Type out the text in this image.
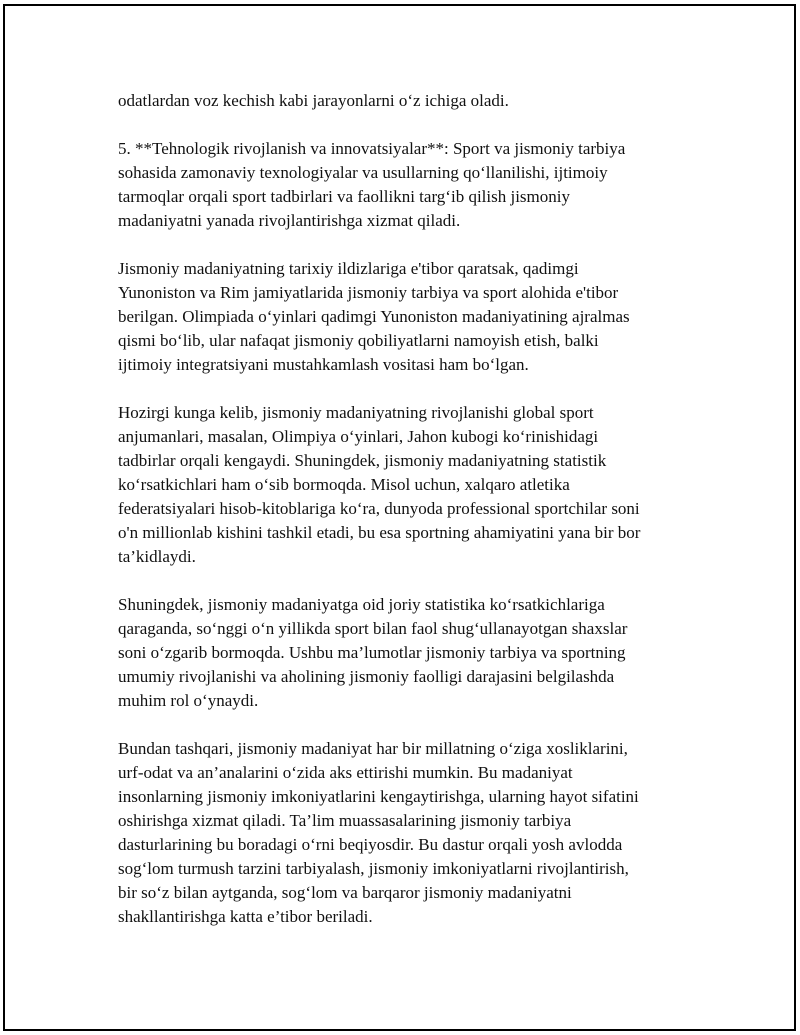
odatlardan voz kechish kabi jarayonlarni o‘z ichiga oladi.

5. **Tehnologik rivojlanish va innovatsiyalar**: Sport va jismoniy tarbiya
sohasida zamonaviy texnologiyalar va usullarning qo‘llanilishi, ijtimoiy
tarmoqlar orqali sport tadbirlari va faollikni targ‘ib qilish jismoniy
madaniyatni yanada rivojlantirishga xizmat qiladi.

Jismoniy madaniyatning tarixiy ildizlariga e'tibor qaratsak, qadimgi
Yunoniston va Rim jamiyatlarida jismoniy tarbiya va sport alohida e'tibor
berilgan. Olimpiada o‘yinlari qadimgi Yunoniston madaniyatining ajralmas
qismi bo‘lib, ular nafaqat jismoniy qobiliyatlarni namoyish etish, balki
ijtimoiy integratsiyani mustahkamlash vositasi ham bo‘lgan.

Hozirgi kunga kelib, jismoniy madaniyatning rivojlanishi global sport
anjumanlari, masalan, Olimpiya o‘yinlari, Jahon kubogi ko‘rinishidagi
tadbirlar orqali kengaydi. Shuningdek, jismoniy madaniyatning statistik
ko‘rsatkichlari ham o‘sib bormoqda. Misol uchun, xalqaro atletika
federatsiyalari hisob-kitoblariga ko‘ra, dunyoda professional sportchilar soni
o'n millionlab kishini tashkil etadi, bu esa sportning ahamiyatini yana bir bor
ta’kidlaydi.

Shuningdek, jismoniy madaniyatga oid joriy statistika ko‘rsatkichlariga
qaraganda, so‘nggi o‘n yillikda sport bilan faol shug‘ullanayotgan shaxslar
soni o‘zgarib bormoqda. Ushbu ma’lumotlar jismoniy tarbiya va sportning
umumiy rivojlanishi va aholining jismoniy faolligi darajasini belgilashda
muhim rol o‘ynaydi.

Bundan tashqari, jismoniy madaniyat har bir millatning o‘ziga xosliklarini,
urf-odat va an’analarini o‘zida aks ettirishi mumkin. Bu madaniyat
insonlarning jismoniy imkoniyatlarini kengaytirishga, ularning hayot sifatini
oshirishga xizmat qiladi. Ta’lim muassasalarining jismoniy tarbiya
dasturlarining bu boradagi o‘rni beqiyosdir. Bu dastur orqali yosh avlodda
sog‘lom turmush tarzini tarbiyalash, jismoniy imkoniyatlarni rivojlantirish,
bir so‘z bilan aytganda, sog‘lom va barqaror jismoniy madaniyatni
shakllantirishga katta e’tibor beriladi.
